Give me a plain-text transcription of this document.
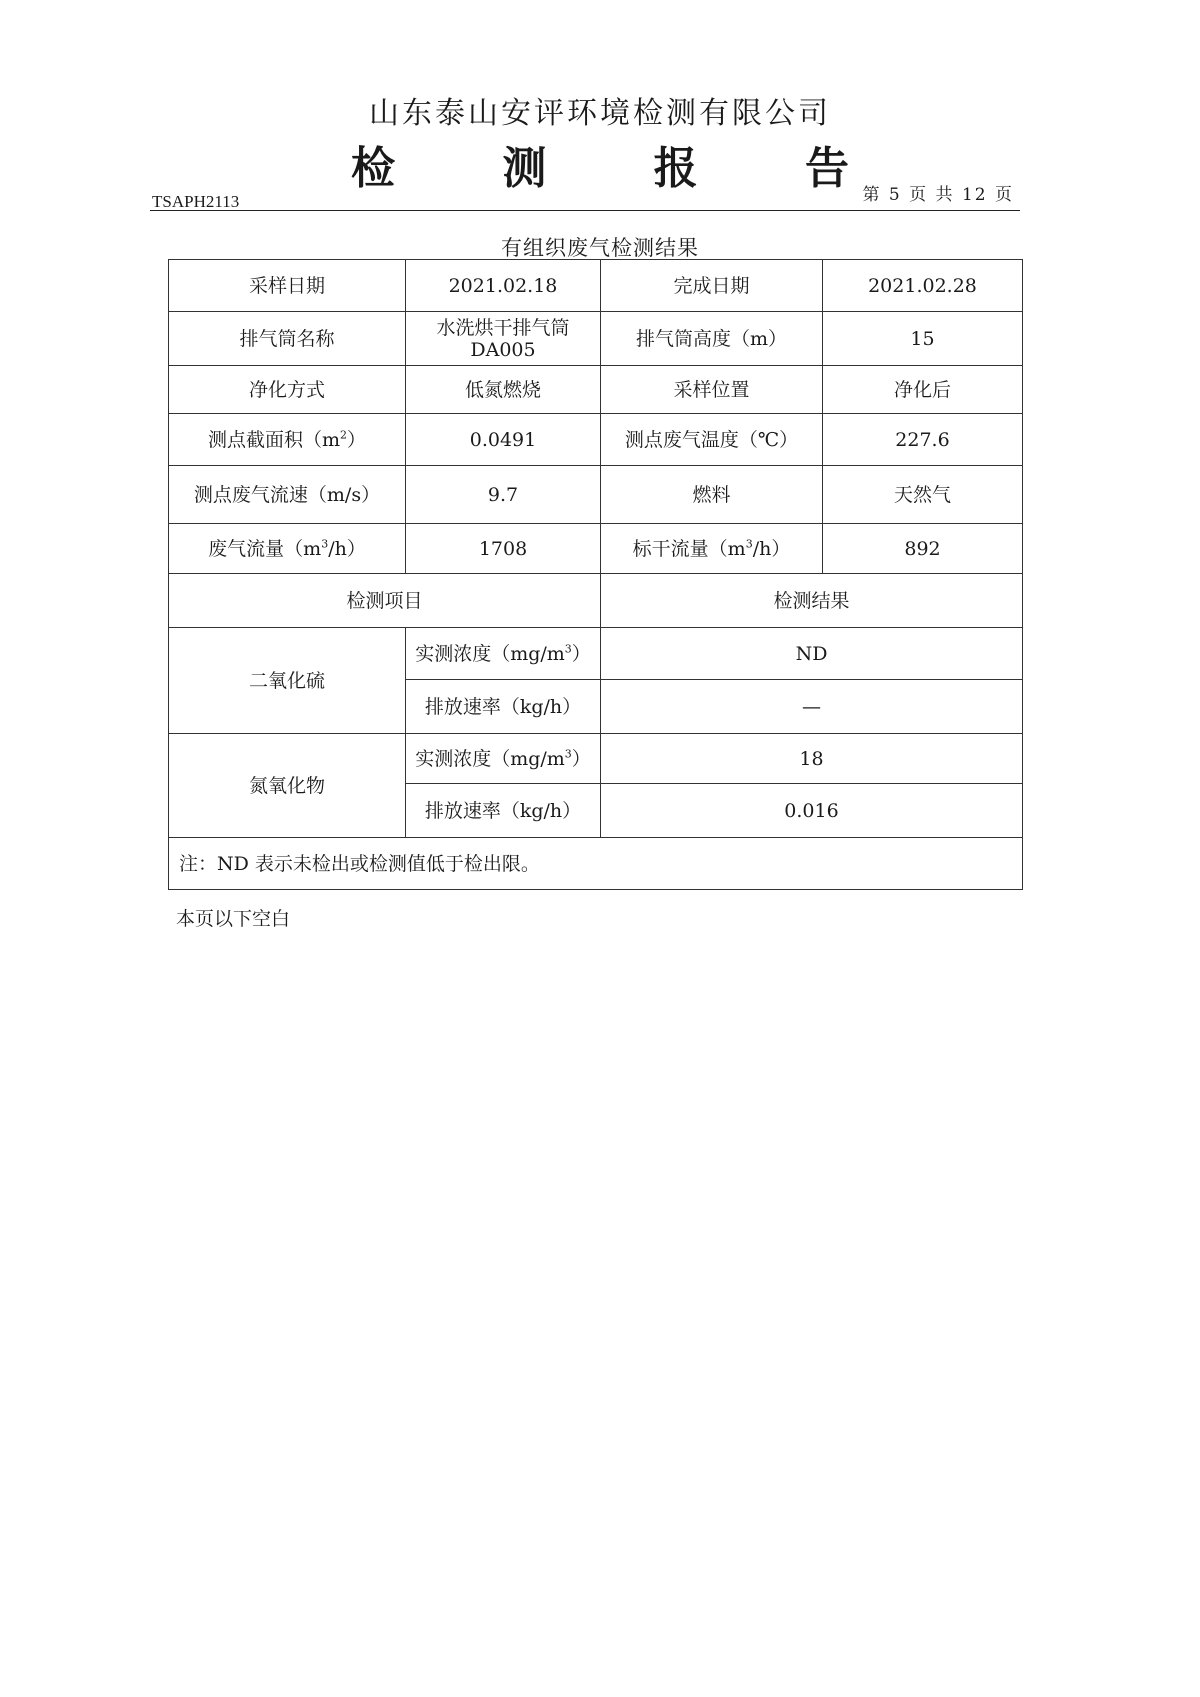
山东泰山安评环境检测有限公司
检 测 报 告
TSAPH2113	第 5 页 共 12 页
有组织废气检测结果
采样日期	2021.02.18	完成日期	2021.02.28
排气筒名称	水洗烘干排气筒DA005	排气筒高度（m）	15
净化方式	低氮燃烧	采样位置	净化后
测点截面积$(m^2)$	0.0491	测点废气温度（℃）	227.6
测点废气流速（m/s）	9.7	燃料	天然气
废气流量$(m^3/h)$	1708	标干流量$(m^3/h)$	892
检测项目		检测结果	
二氧化硫	实测浓度$(mg/m^3)$	ND	
	排放速率（kg/h）	—	
氮氧化物	实测浓度$(mg/m^3)$	18	
	排放速率（kg/h）	0.016	
注：ND 表示未检出或检测值低于检出限。			
本页以下空白
